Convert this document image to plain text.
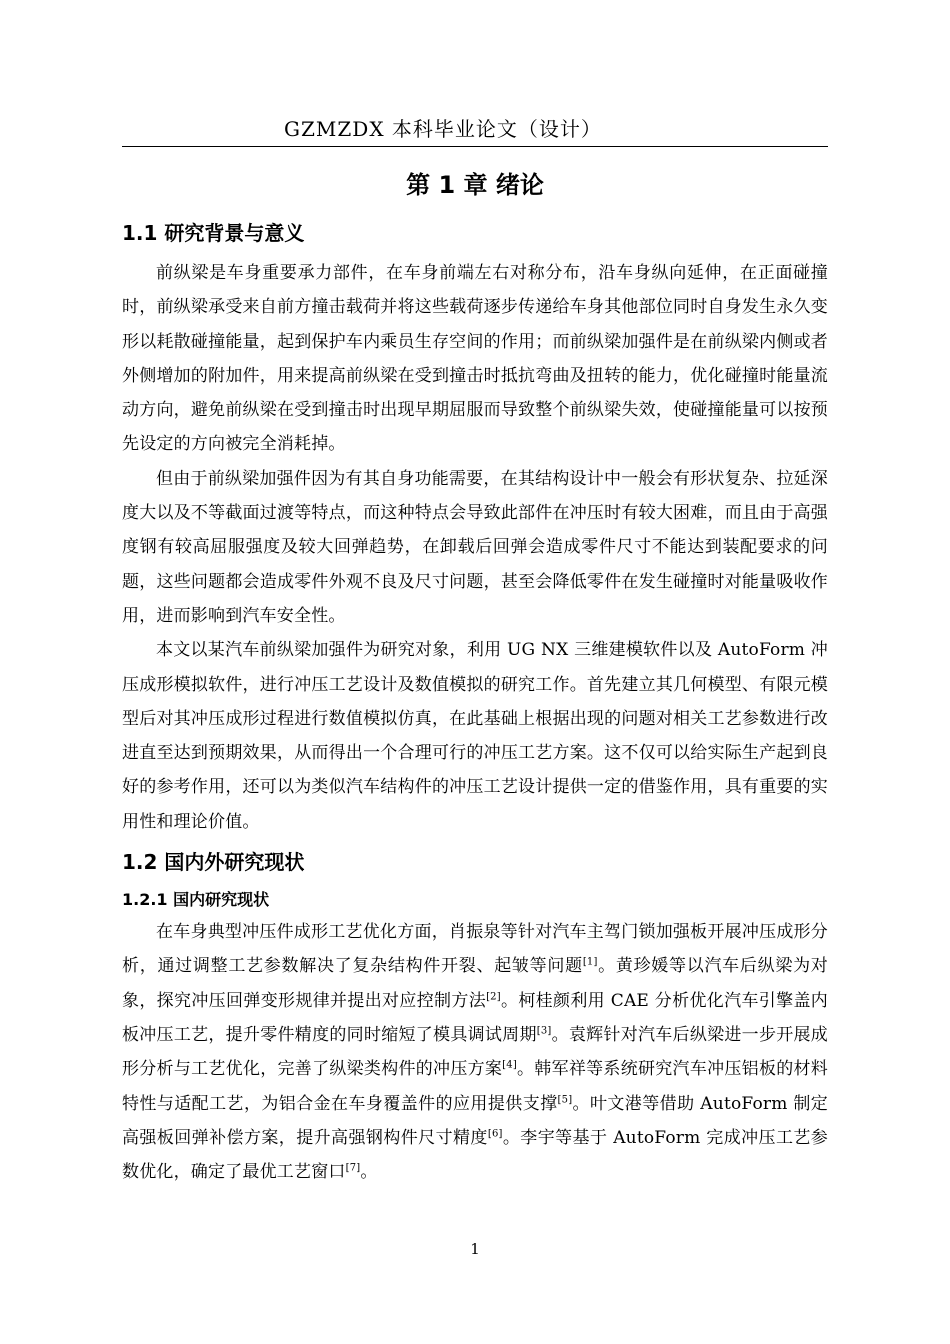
GZMZDX 本科毕业论文（设计）
第 1 章 绪论
1.1 研究背景与意义

前纵梁是车身重要承力部件，在车身前端左右对称分布，沿车身纵向延伸，在正面碰撞时，前纵梁承受来自前方撞击载荷并将这些载荷逐步传递给车身其他部位同时自身发生永久变形以耗散碰撞能量，起到保护车内乘员生存空间的作用；而前纵梁加强件是在前纵梁内侧或者外侧增加的附加件，用来提高前纵梁在受到撞击时抵抗弯曲及扭转的能力，优化碰撞时能量流动方向，避免前纵梁在受到撞击时出现早期屈服而导致整个前纵梁失效，使碰撞能量可以按预先设定的方向被完全消耗掉。

但由于前纵梁加强件因为有其自身功能需要，在其结构设计中一般会有形状复杂、拉延深度大以及不等截面过渡等特点，而这种特点会导致此部件在冲压时有较大困难，而且由于高强度钢有较高屈服强度及较大回弹趋势，在卸载后回弹会造成零件尺寸不能达到装配要求的问题，这些问题都会造成零件外观不良及尺寸问题，甚至会降低零件在发生碰撞时对能量吸收作用，进而影响到汽车安全性。

本文以某汽车前纵梁加强件为研究对象，利用 UG NX 三维建模软件以及 AutoForm 冲压成形模拟软件，进行冲压工艺设计及数值模拟的研究工作。首先建立其几何模型、有限元模型后对其冲压成形过程进行数值模拟仿真，在此基础上根据出现的问题对相关工艺参数进行改进直至达到预期效果，从而得出一个合理可行的冲压工艺方案。这不仅可以给实际生产起到良好的参考作用，还可以为类似汽车结构件的冲压工艺设计提供一定的借鉴作用，具有重要的实用性和理论价值。

1.2 国内外研究现状
1.2.1 国内研究现状

在车身典型冲压件成形工艺优化方面，肖振泉等针对汽车主驾门锁加强板开展冲压成形分析，通过调整工艺参数解决了复杂结构件开裂、起皱等问题[1]。黄珍媛等以汽车后纵梁为对象，探究冲压回弹变形规律并提出对应控制方法[2]。柯桂颜利用 CAE 分析优化汽车引擎盖内板冲压工艺，提升零件精度的同时缩短了模具调试周期[3]。袁辉针对汽车后纵梁进一步开展成形分析与工艺优化，完善了纵梁类构件的冲压方案[4]。韩军祥等系统研究汽车冲压铝板的材料特性与适配工艺，为铝合金在车身覆盖件的应用提供支撑[5]。叶文港等借助 AutoForm 制定高强板回弹补偿方案，提升高强钢构件尺寸精度[6]。李宇等基于 AutoForm 完成冲压工艺参数优化，确定了最优工艺窗口[7]。

1
